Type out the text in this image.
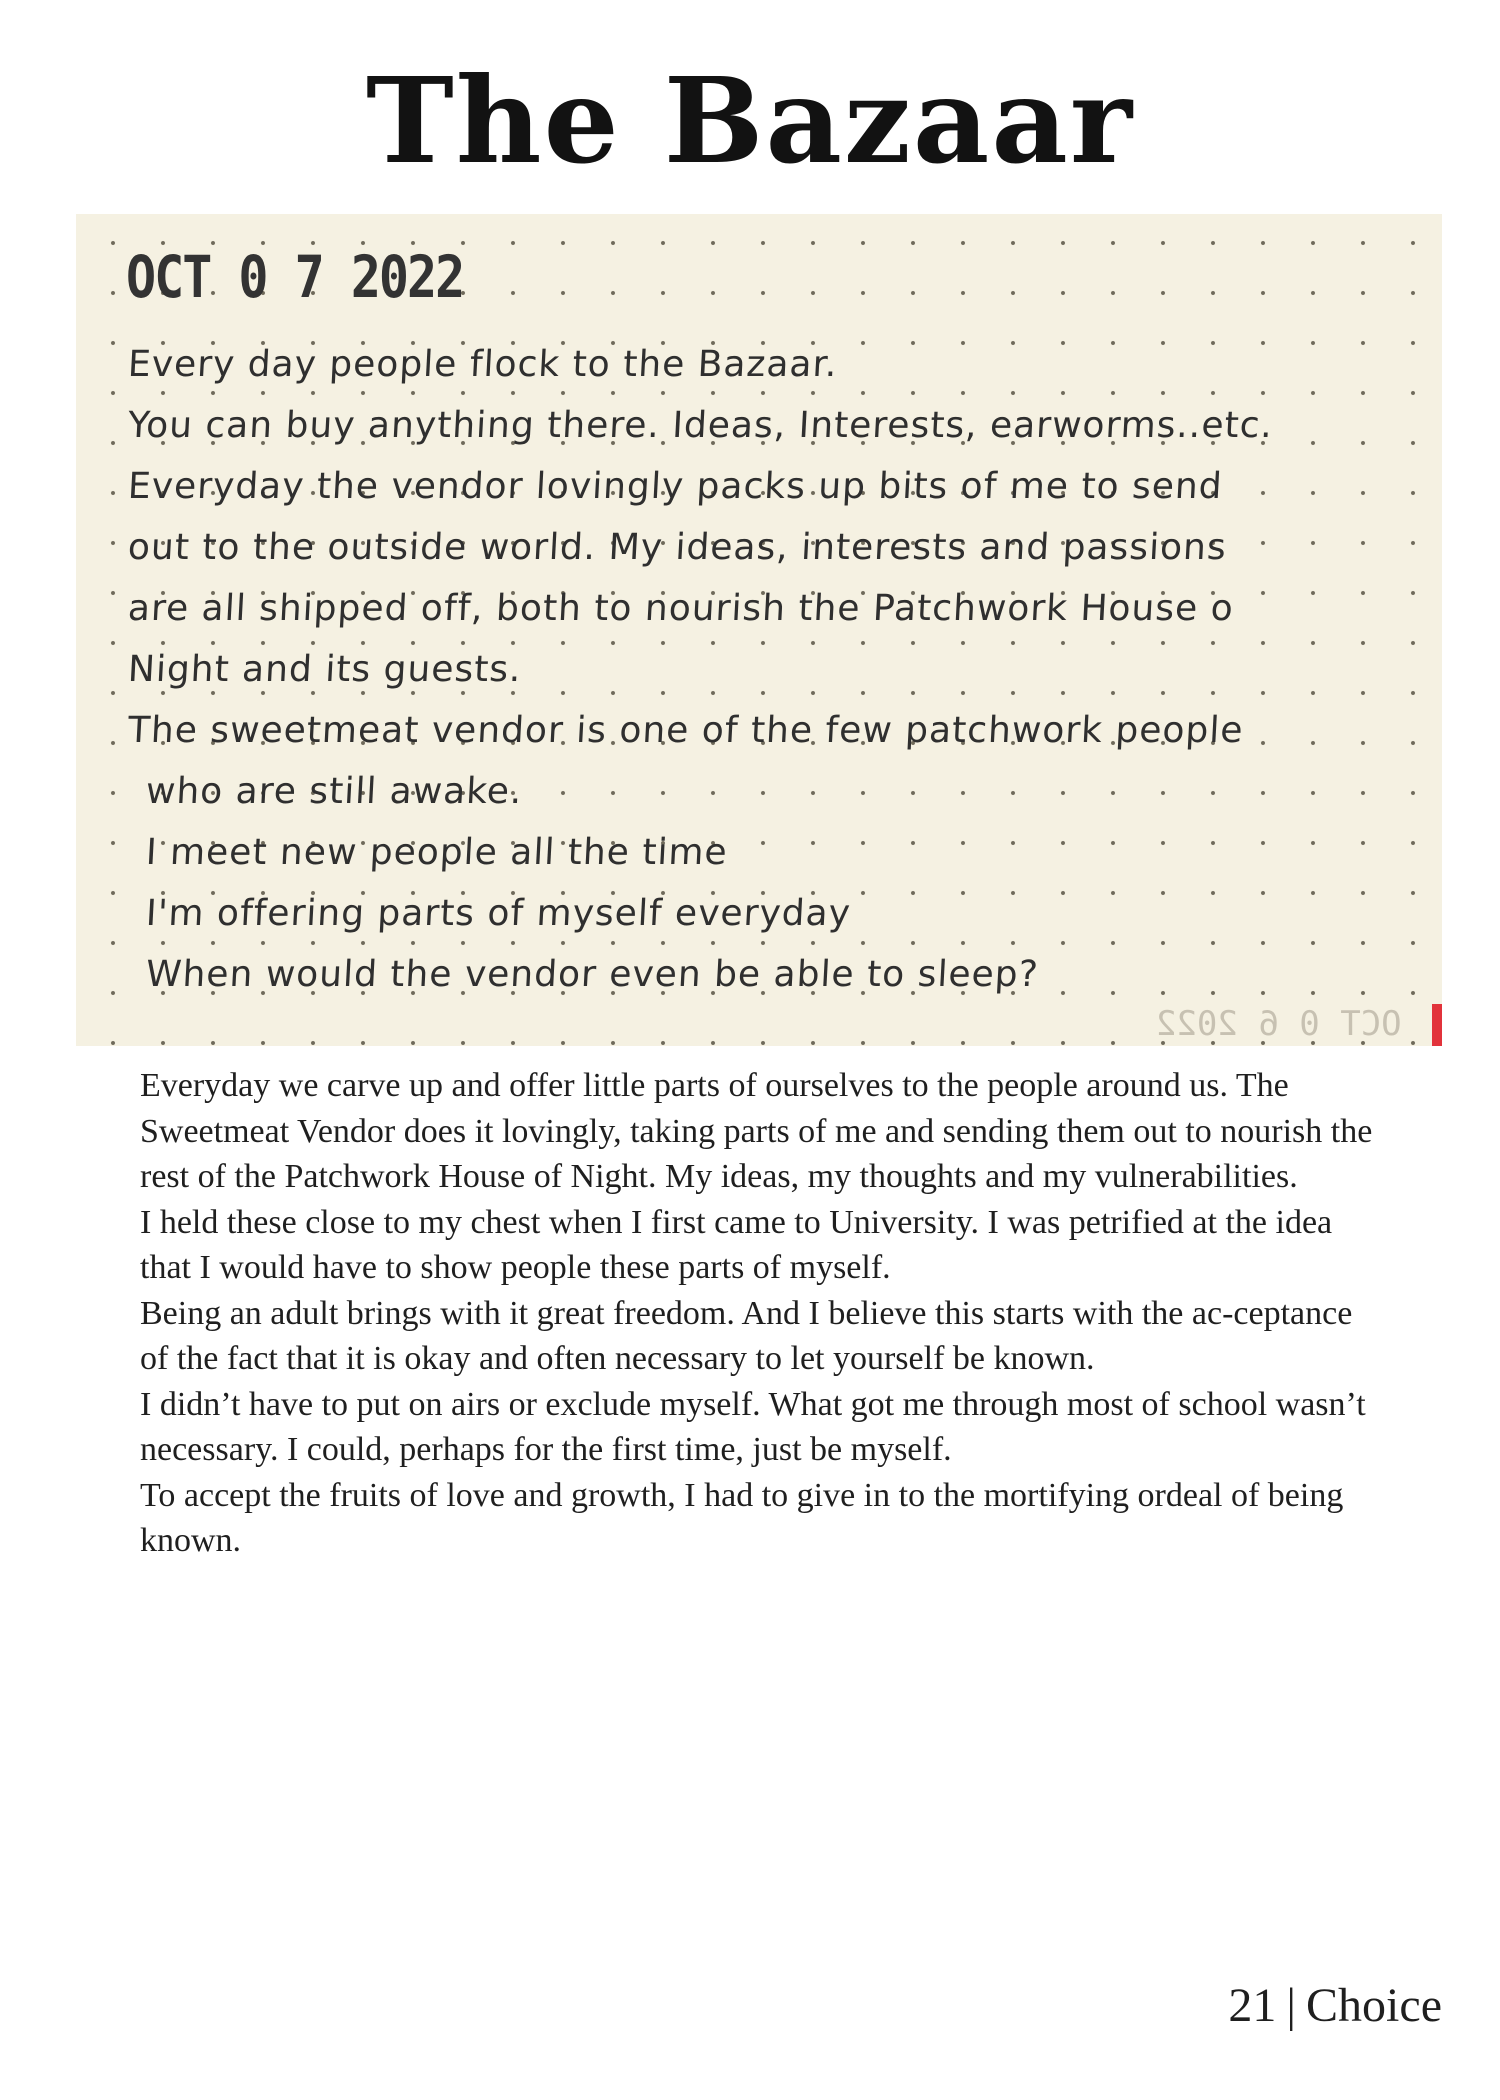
The Bazaar
OCT 0 6 2022
OCT 0 7 2022
Every day people flock to the Bazaar.
You can buy anything there. Ideas, Interests, earworms..etc.
Everyday the vendor lovingly packs up bits of me to send
out to the outside world. My ideas, interests and passions
are all shipped off, both to nourish the Patchwork House o
Night and its guests.
The sweetmeat vendor is one of the few patchwork people
who are still awake.
I meet new people all the time
I'm offering parts of myself everyday
When would the vendor even be able to sleep?

Everyday we carve up and offer little parts of ourselves to the people around us. The Sweetmeat Vendor does it lovingly, taking parts of me and sending them out to nourish the rest of the Patchwork House of Night. My ideas, my thoughts and my vulnerabilities.

I held these close to my chest when I first came to University. I was petrified at the idea that I would have to show people these parts of myself.

Being an adult brings with it great freedom. And I believe this starts with the ac-ceptance of the fact that it is okay and often necessary to let yourself be known.

I didn’t have to put on airs or exclude myself. What got me through most of school wasn’t necessary. I could, perhaps for the first time, just be myself.

To accept the fruits of love and growth, I had to give in to the mortifying ordeal of being known.

21 | Choice
